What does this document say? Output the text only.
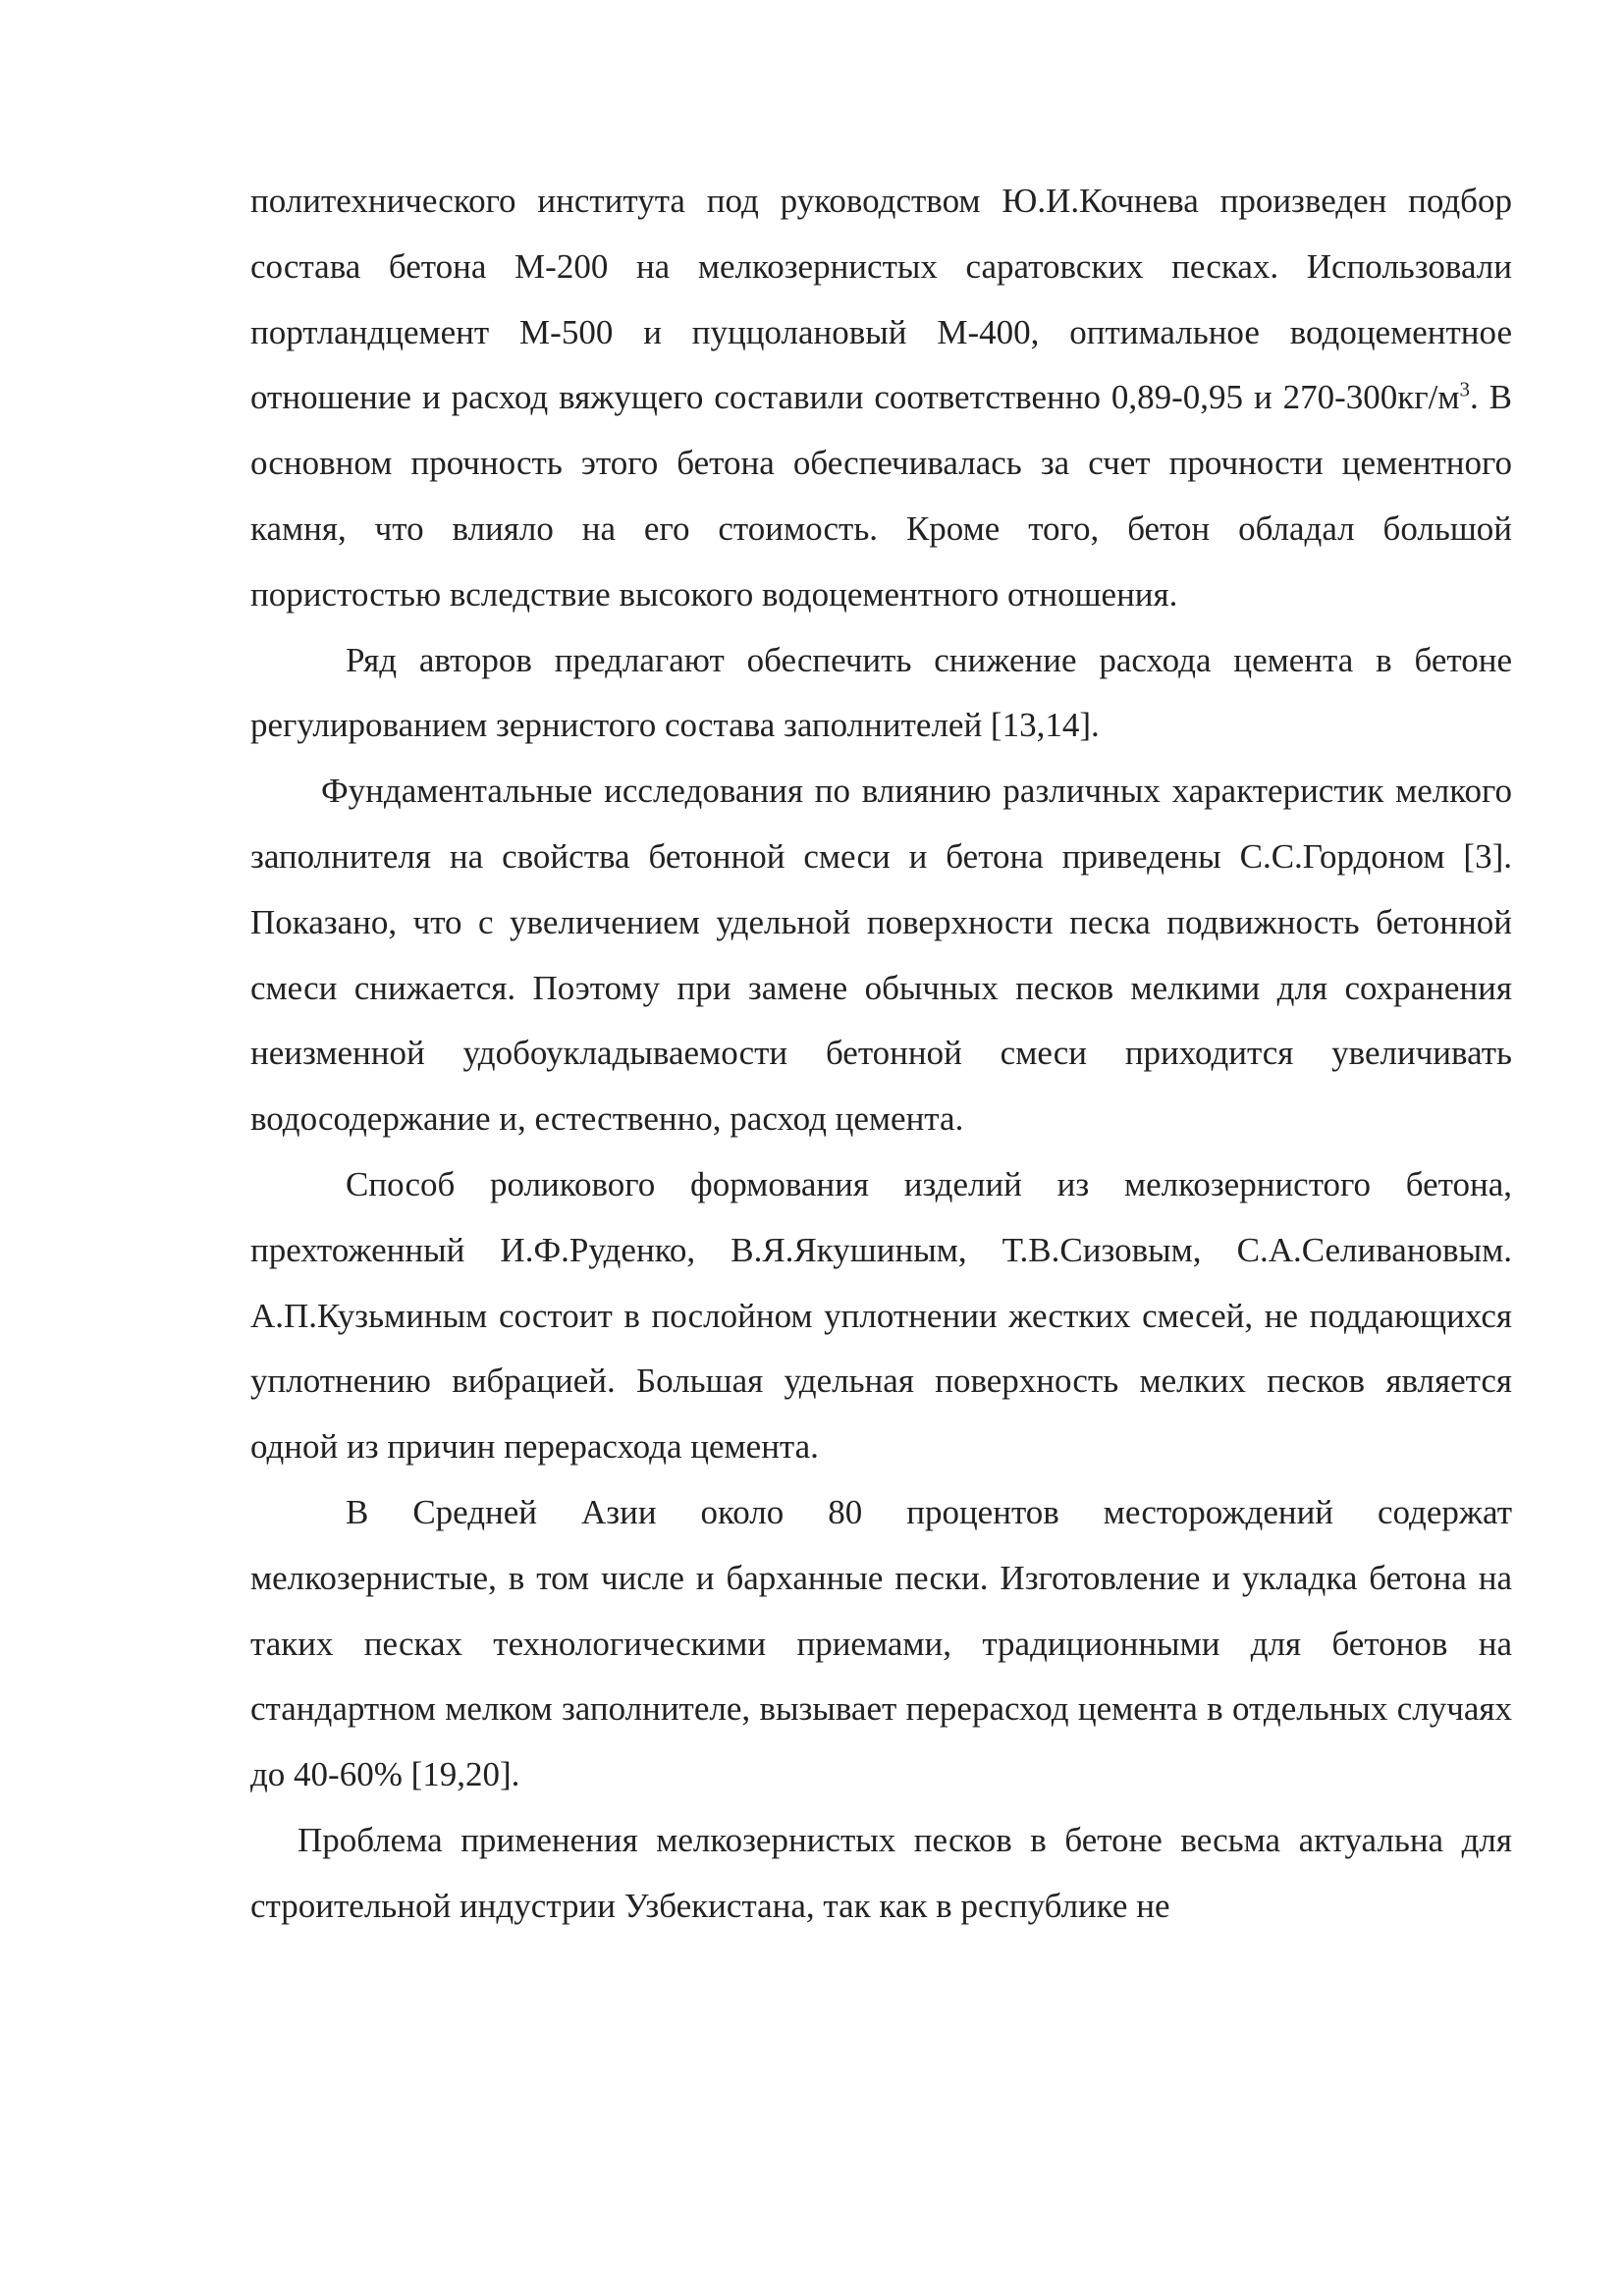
политехнического института под руководством Ю.И.Кочнева произведен подбор состава бетона М-200 на мелкозернистых саратовских песках. Использовали портландцемент М-500 и пуццолановый М-400, оптимальное водоцементное отношение и расход вяжущего составили соответственно 0,89-0,95 и $270-300кг/м^3$. В основном прочность этого бетона обеспечивалась за счет прочности цементного камня, что влияло на его стоимость. Кроме того, бетон обладал большой пористостью вследствие высокого водоцементного отношения.

Ряд авторов предлагают обеспечить снижение расхода цемента в бетоне регулированием зернистого состава заполнителей [13,14].

Фундаментальные исследования по влиянию различных характеристик мелкого заполнителя на свойства бетонной смеси и бетона приведены С.С.Гордоном [3]. Показано, что с увеличением удельной поверхности песка подвижность бетонной смеси снижается. Поэтому при замене обычных песков мелкими для сохранения неизменной удобоукладываемости бетонной смеси приходится увеличивать водосодержание и, естественно, расход цемента.

Способ роликового формования изделий из мелкозернистого бетона, прехтоженный И.Ф.Руденко, В.Я.Якушиным, Т.В.Сизовым, С.А.Селивановым. А.П.Кузьминым состоит в послойном уплотнении жестких смесей, не поддающихся уплотнению вибрацией. Большая удельная поверхность мелких песков является одной из причин перерасхода цемента.

В Средней Азии около 80 процентов месторождений содержат мелкозернистые, в том числе и барханные пески. Изготовление и укладка бетона на таких песках технологическими приемами, традиционными для бетонов на стандартном мелком заполнителе, вызывает перерасход цемента в отдельных случаях до 40-60% [19,20].

Проблема применения мелкозернистых песков в бетоне весьма актуальна для строительной индустрии Узбекистана, так как в республике не
